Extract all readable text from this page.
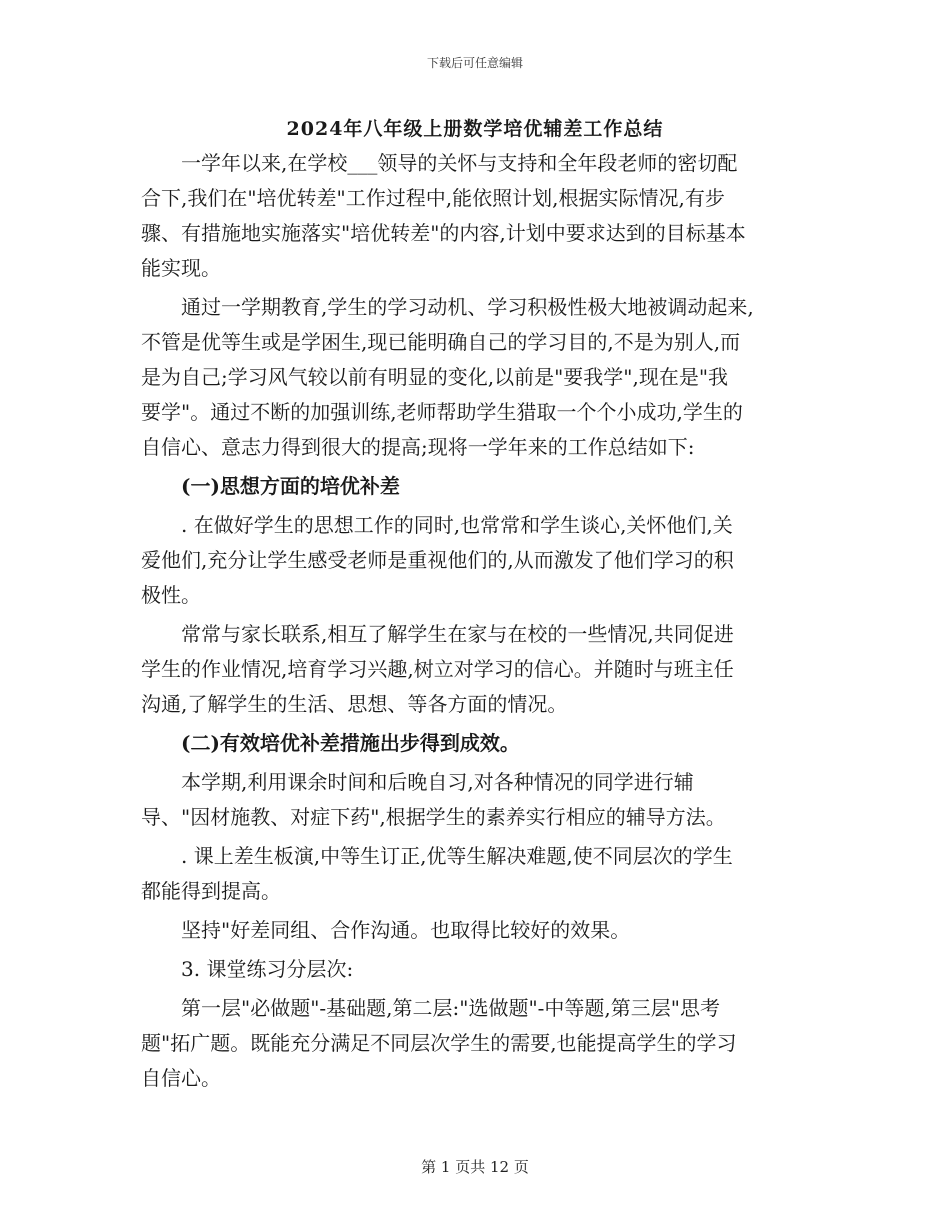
下载后可任意编辑
2024年八年级上册数学培优辅差工作总结
一学年以来,在学校___领导的关怀与支持和全年段老师的密切配
合下,我们在"培优转差"工作过程中,能依照计划,根据实际情况,有步
骤、有措施地实施落实"培优转差"的内容,计划中要求达到的目标基本
能实现。
通过一学期教育,学生的学习动机、学习积极性极大地被调动起来,
不管是优等生或是学困生,现已能明确自己的学习目的,不是为别人,而
是为自己;学习风气较以前有明显的变化,以前是"要我学",现在是"我
要学"。通过不断的加强训练,老师帮助学生猎取一个个小成功,学生的
自信心、意志力得到很大的提高;现将一学年来的工作总结如下:

(一)思想方面的培优补差

. 在做好学生的思想工作的同时,也常常和学生谈心,关怀他们,关
爱他们,充分让学生感受老师是重视他们的,从而激发了他们学习的积
极性。
常常与家长联系,相互了解学生在家与在校的一些情况,共同促进
学生的作业情况,培育学习兴趣,树立对学习的信心。并随时与班主任
沟通,了解学生的生活、思想、等各方面的情况。

(二)有效培优补差措施出步得到成效。

本学期,利用课余时间和后晚自习,对各种情况的同学进行辅
导、"因材施教、对症下药",根据学生的素养实行相应的辅导方法。
. 课上差生板演,中等生订正,优等生解决难题,使不同层次的学生
都能得到提高。
坚持"好差同组、合作沟通。也取得比较好的效果。
3. 课堂练习分层次:
第一层"必做题"-基础题,第二层:"选做题"-中等题,第三层"思考
题"拓广题。既能充分满足不同层次学生的需要,也能提高学生的学习
自信心。
第 1 页共 12 页
